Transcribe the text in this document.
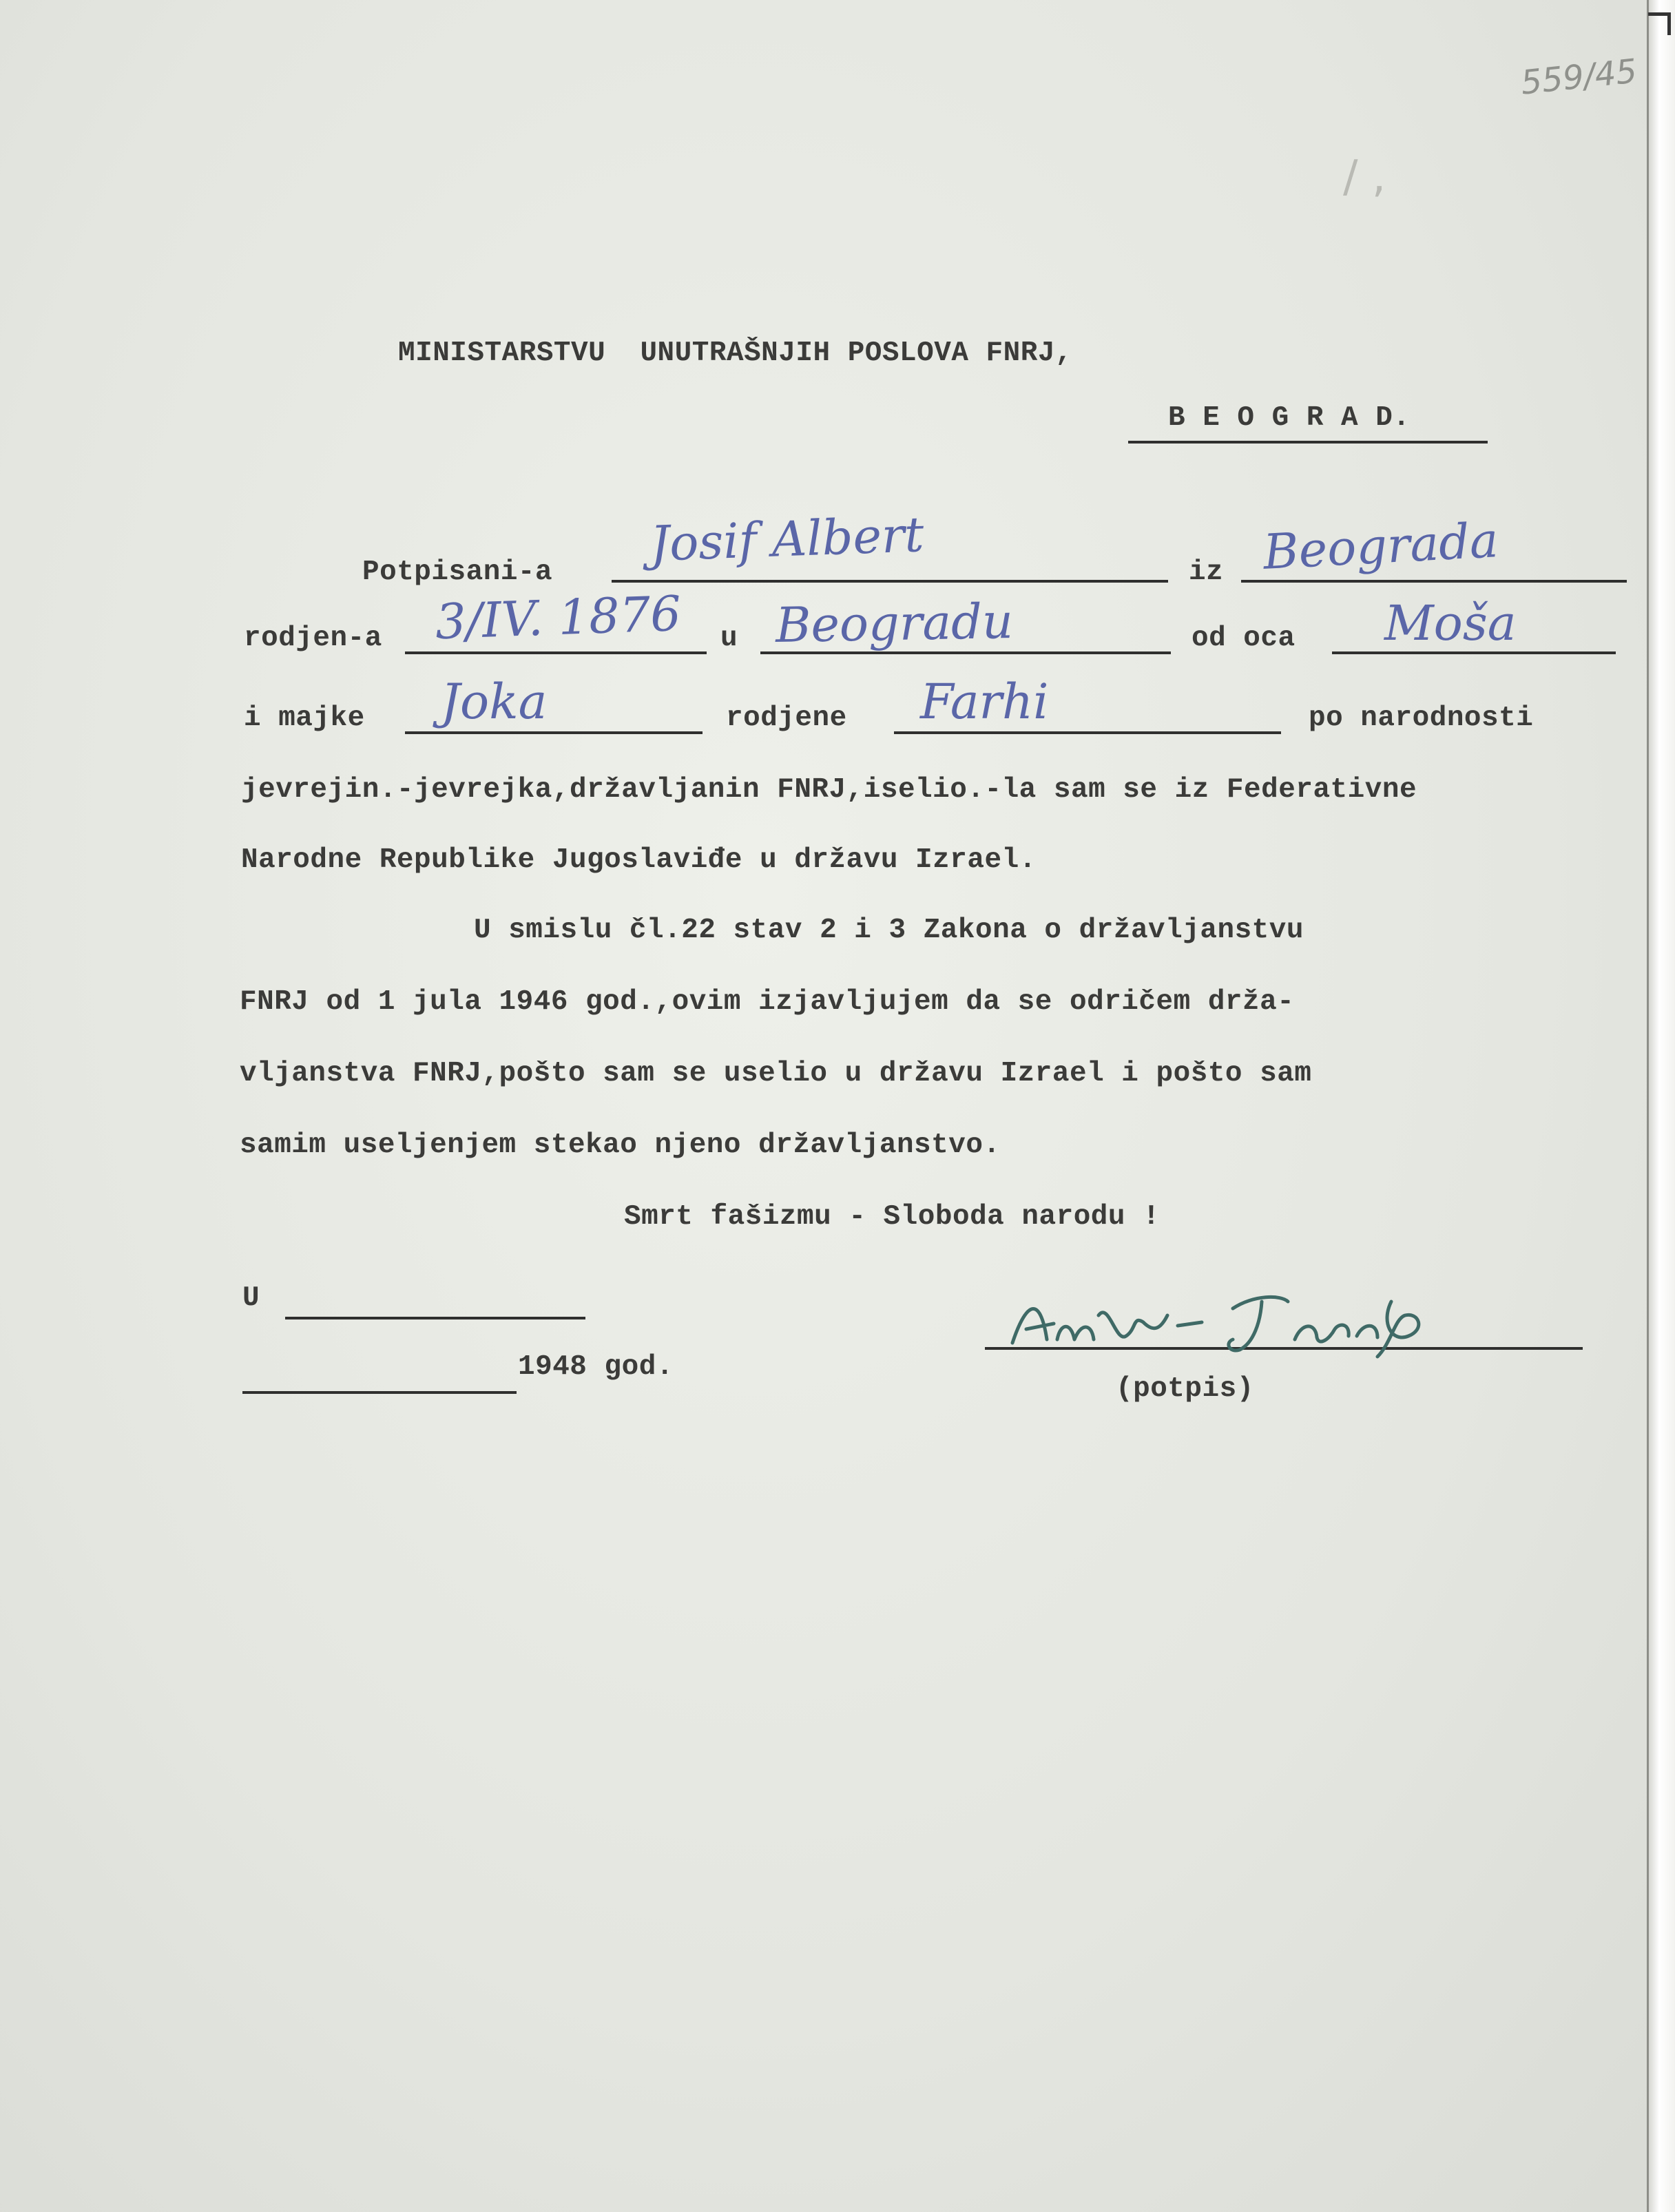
559/45
/ ,
MINISTARSTVU  UNUTRAŠNJIH POSLOVA FNRJ,
B E O G R A D.
Potpisani-a
Josif Albert
iz Beograda
rodjen-a 3/IV. 1876 u Beogradu	od oca Moša
i majke Joka	rodjene Farhi	po narodnosti
jevrejin.-jevrejka,državljanin FNRJ,iselio.-la sam se iz Federativne
Narodne Republike Jugoslaviđe u državu Izrael.
U smislu čl.22 stav 2 i 3 Zakona o državljanstvu
FNRJ od 1 jula 1946 god.,ovim izjavljujem da se odričem drža-
vljanstva FNRJ,pošto sam se uselio u državu Izrael i pošto sam
samim useljenjem stekao njeno državljanstvo.
Smrt fašizmu - Sloboda narodu !
U
1948 god.
(potpis)
